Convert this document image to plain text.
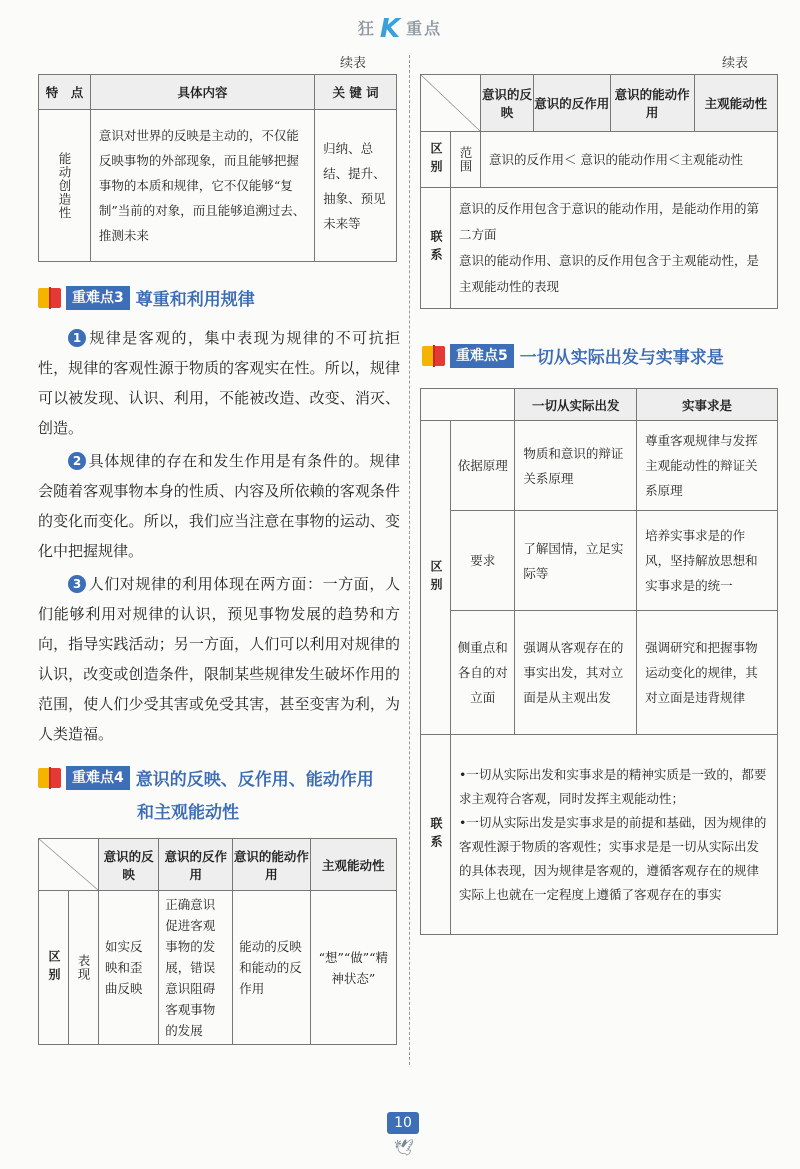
狂 K 重点
续表	续表
特　点	具体内容	关 键 词
能动创造性	意识对世界的反映是主动的，不仅能反映事物的外部现象，而且能够把握事物的本质和规律，它不仅能够“复制”当前的对象，而且能够追溯过去、推测未来	归纳、总结、提升、抽象、预见未来等
重难点3 尊重和利用规律

1 规律是客观的，集中表现为规律的不可抗拒性，规律的客观性源于物质的客观实在性。所以，规律可以被发现、认识、利用，不能被改造、改变、消灭、创造。

2 具体规律的存在和发生作用是有条件的。规律会随着客观事物本身的性质、内容及所依赖的客观条件的变化而变化。所以，我们应当注意在事物的运动、变化中把握规律。

3 人们对规律的利用体现在两方面：一方面，人们能够利用对规律的认识，预见事物发展的趋势和方向，指导实践活动；另一方面，人们可以利用对规律的认识，改变或创造条件，限制某些规律发生破坏作用的范围，使人们少受其害或免受其害，甚至变害为利，为人类造福。

重难点4 意识的反映、反作用、能动作用
和主观能动性
		意识的反映	意识的反作用	意识的能动作用	主观能动性
区别	表现	如实反映和歪曲反映	正确意识促进客观事物的发展，错误意识阻碍客观事物的发展	能动的反映和能动的反作用	“想”“做”“精神状态”
		意识的反映	意识的反作用	意识的能动作用	主观能动性
区别	范围	意识的反作用＜ 意识的能动作用＜主观能动性			
联系	意识的反作用包含于意识的能动作用，是能动作用的第二方面
意识的能动作用、意识的反作用包含于主观能动性，是主观能动性的表现				
重难点5 一切从实际出发与实事求是
		一切从实际出发	实事求是
区别	依据原理	物质和意识的辩证关系原理	尊重客观规律与发挥主观能动性的辩证关系原理
	要求	了解国情，立足实际等	培养实事求是的作风，坚持解放思想和实事求是的统一
	侧重点和各自的对立面	强调从客观存在的事实出发，其对立面是从主观出发	强调研究和把握事物运动变化的规律，其对立面是违背规律
联系	•一切从实际出发和实事求是的精神实质是一致的，都要求主观符合客观，同时发挥主观能动性；
•一切从实际出发是实事求是的前提和基础，因为规律的客观性源于物质的客观性；实事求是是一切从实际出发的具体表现，因为规律是客观的，遵循客观存在的规律实际上也就在一定程度上遵循了客观存在的事实		
10
🕊
